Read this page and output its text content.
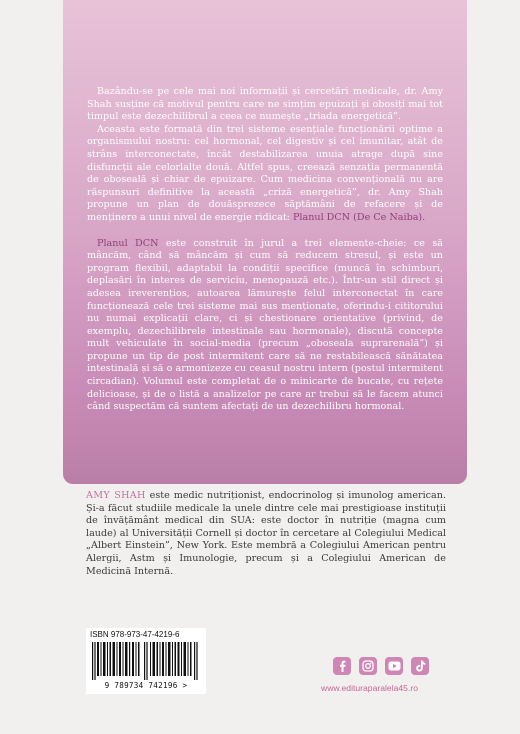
Bazându-se pe cele mai noi informații și cercetări medicale, dr. Amy Shah susține că motivul pentru care ne simțim epuizați și obosiți mai tot timpul este dezechilibrul a ceea ce numește „triada energetică”.

Aceasta este formată din trei sisteme esențiale funcționării optime a organismului nostru: cel hormonal, cel digestiv și cel imunitar, atât de strâns interconectate, încât destabilizarea unuia atrage după sine disfuncții ale celorlalte două. Altfel spus, creează senzația permanentă de oboseală și chiar de epuizare. Cum medicina convențională nu are răspunsuri definitive la această „criză energetică”, dr. Amy Shah propune un plan de douăsprezece săptămâni de refacere și de menținere a unui nivel de energie ridicat: Planul DCN (De Ce Naiba).

Planul DCN este construit în jurul a trei elemente-cheie: ce să mâncăm, când să mâncăm și cum să reducem stresul, și este un program flexibil, adaptabil la condiții specifice (muncă în schimburi, deplasări în interes de serviciu, menopauză etc.). Într-un stil direct și adesea ireverențios, autoarea lămurește felul interconectat în care funcționează cele trei sisteme mai sus menționate, oferindu-i cititorului nu numai explicații clare, ci și chestionare orientative (privind, de exemplu, dezechilibrele intestinale sau hormonale), discută concepte mult vehiculate în social-media (precum „oboseala suprarenală”) și propune un tip de post intermitent care să ne restabilească sănătatea intestinală și să o armonizeze cu ceasul nostru intern (postul intermitent circadian). Volumul este completat de o minicarte de bucate, cu rețete delicioase, și de o listă a analizelor pe care ar trebui să le facem atunci când suspectăm că suntem afectați de un dezechilibru hormonal.

AMY SHAH este medic nutriționist, endocrinolog și imunolog american. Și-a făcut studiile medicale la unele dintre cele mai prestigioase instituții de învățământ medical din SUA: este doctor în nutriție (magna cum laude) al Universității Cornell și doctor în cercetare al Colegiului Medical „Albert Einstein”, New York. Este membră a Colegiului American pentru Alergii, Astm și Imunologie, precum și a Colegiului American de Medicină Internă.
ISBN 978-973-47-4219-6
9 789734 742196 >	www.edituraparalela45.ro
